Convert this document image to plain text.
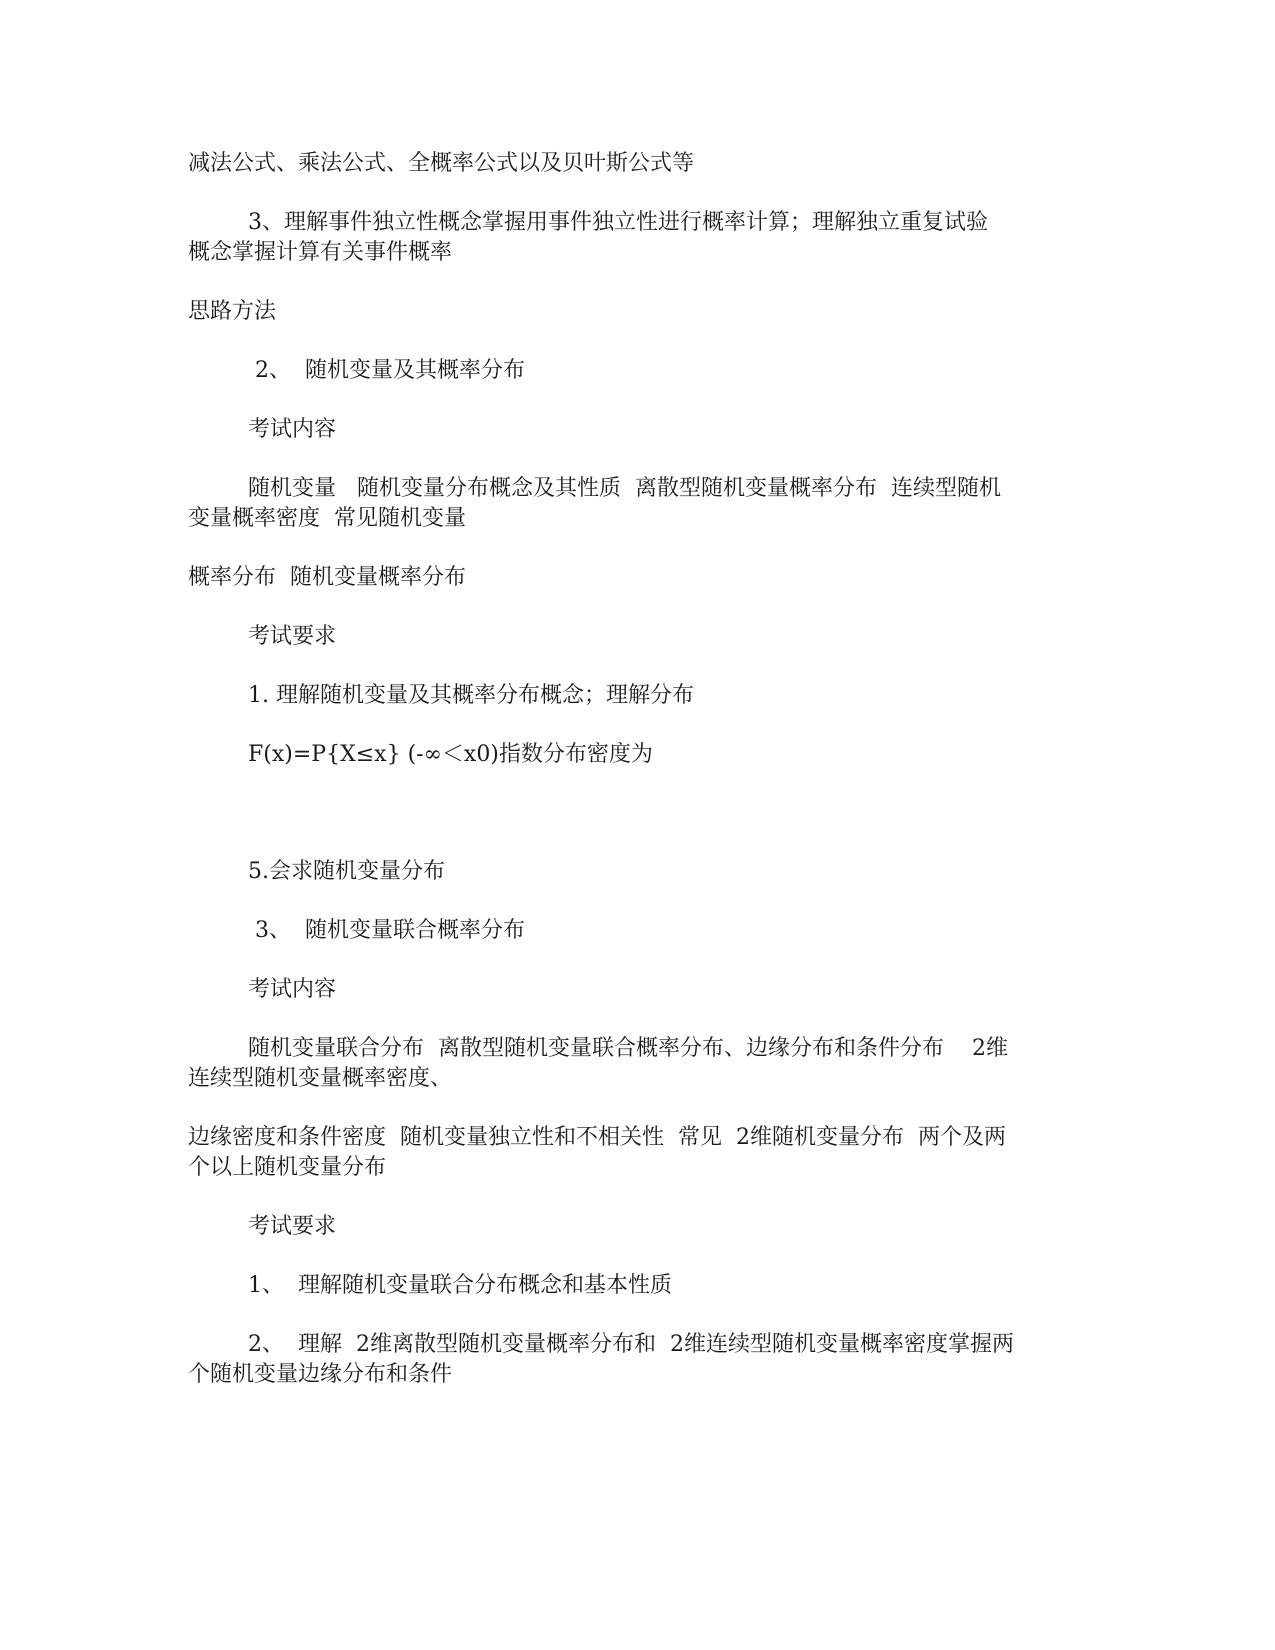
减法公式、乘法公式、全概率公式以及贝叶斯公式等
3、理解事件独立性概念掌握用事件独立性进行概率计算；理解独立重复试验
概念掌握计算有关事件概率
思路方法
2、  随机变量及其概率分布
考试内容
随机变量   随机变量分布概念及其性质  离散型随机变量概率分布  连续型随机
变量概率密度  常见随机变量
概率分布  随机变量概率分布
考试要求
1. 理解随机变量及其概率分布概念；理解分布
F(x)=P{X≤x} (-∞＜x0)指数分布密度为
5.会求随机变量分布
3、  随机变量联合概率分布
考试内容
随机变量联合分布  离散型随机变量联合概率分布、边缘分布和条件分布    2维
连续型随机变量概率密度、
边缘密度和条件密度  随机变量独立性和不相关性  常见  2维随机变量分布  两个及两
个以上随机变量分布
考试要求
1、  理解随机变量联合分布概念和基本性质
2、  理解  2维离散型随机变量概率分布和  2维连续型随机变量概率密度掌握两
个随机变量边缘分布和条件
